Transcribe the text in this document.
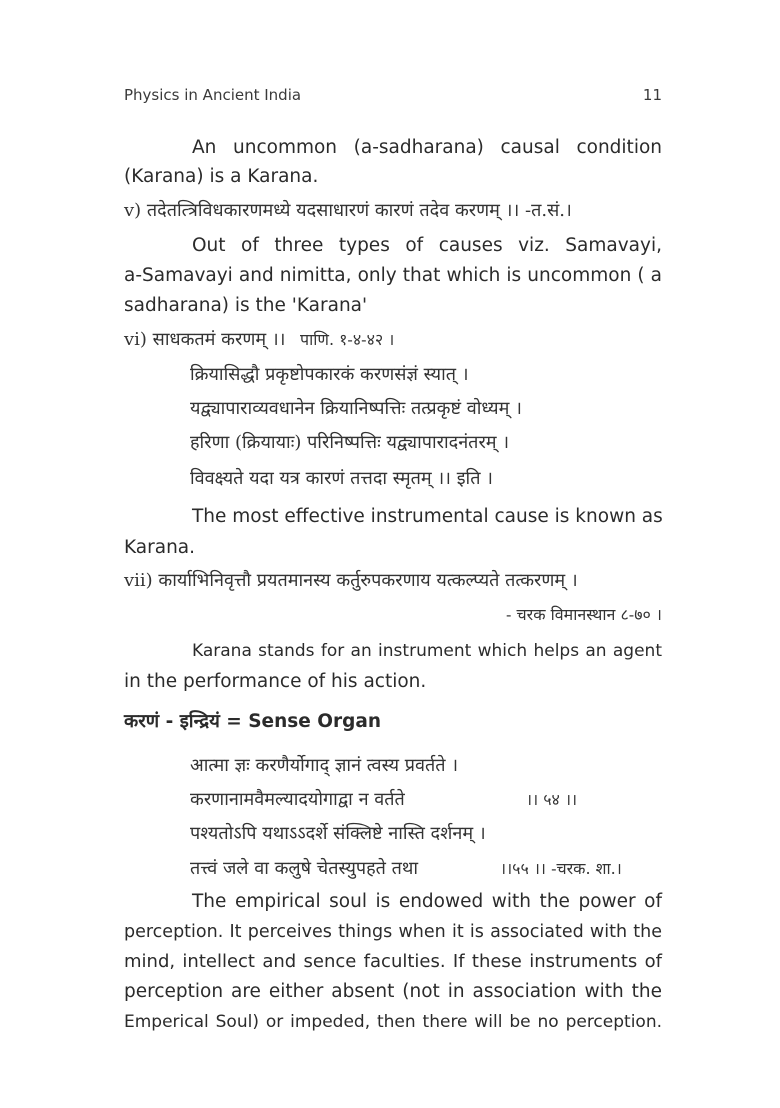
Physics in Ancient India	11
An uncommon (a-sadharana) causal condition
(Karana) is a Karana.
v) तदेतत्त्रिविधकारणमध्ये यदसाधारणं कारणं तदेव करणम् ।। -त.सं.।
Out of three types of causes viz. Samavayi,
a-Samavayi and nimitta, only that which is uncommon ( a
sadharana) is the 'Karana'
vi) साधकतमं करणम् ।। पाणि. १-४-४२ ।
क्रियासिद्धौ प्रकृष्टोपकारकं करणसंज्ञं स्यात् ।
यद्व्यापाराव्यवधानेन क्रियानिष्पत्तिः तत्प्रकृष्टं वोध्यम् ।
हरिणा (क्रियायाः) परिनिष्पत्तिः यद्व्यापारादनंतरम् ।
विवक्ष्यते यदा यत्र कारणं तत्तदा स्मृतम् ।। इति ।
The most effective instrumental cause is known as
Karana.
vii) कार्याभिनिवृत्तौ प्रयतमानस्य कर्तुरुपकरणाय यत्कल्प्यते तत्करणम् ।
- चरक विमानस्थान ८-७० ।
Karana stands for an instrument which helps an agent
in the performance of his action.
करणं - इन्द्रियं = Sense Organ
आत्मा ज्ञः करणैर्योगाद् ज्ञानं त्वस्य प्रवर्तते ।
करणानामवैमल्यादयोगाद्वा न वर्तते	।। ५४ ।।
पश्यतोऽपि यथाऽऽदर्शे संक्लिष्टे नास्ति दर्शनम् ।
तत्त्वं जले वा कलुषे चेतस्युपहते तथा	।।५५ ।। -चरक. शा.।
The empirical soul is endowed with the power of
perception. It perceives things when it is associated with the
mind, intellect and sence faculties. If these instruments of
perception are either absent (not in association with the
Emperical Soul) or impeded, then there will be no perception.
